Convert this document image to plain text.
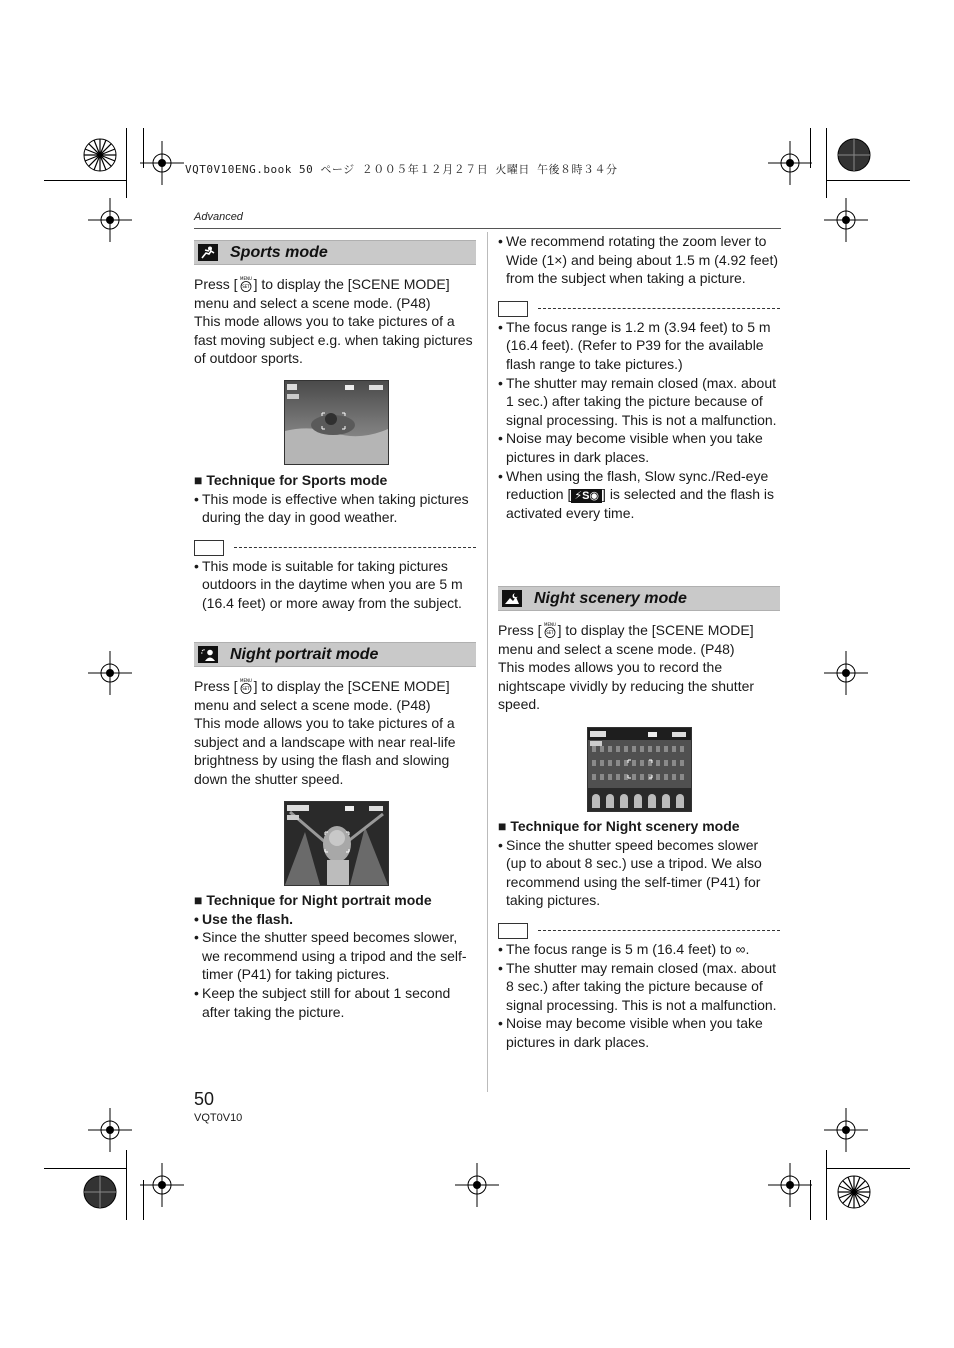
VQT0V10ENG.book 50 ページ ２００５年１２月２７日 火曜日 午後８時３４分
Advanced
Sports mode

Press [ MENU
SET ] to display the [SCENE MODE] menu and select a scene mode. (P48)

This mode allows you to take pictures of a fast moving subject e.g. when taking pictures of outdoor sports.

■ Technique for Sports mode

• This mode is effective when taking pictures during the day in good weather.
• This mode is suitable for taking pictures outdoors in the daytime when you are 5 m (16.4 feet) or more away from the subject.
Night portrait mode

Press [ MENU
SET ] to display the [SCENE MODE] menu and select a scene mode. (P48)

This mode allows you to take pictures of a subject and a landscape with near real-life brightness by using the flash and slowing down the shutter speed.

■ Technique for Night portrait mode

• Use the flash.
• Since the shutter speed becomes slower, we recommend using a tripod and the self-timer (P41) for taking pictures.
• Keep the subject still for about 1 second after taking the picture.
• We recommend rotating the zoom lever to Wide (1×) and being about 1.5 m (4.92 feet) from the subject when taking a picture.
• The focus range is 1.2 m (3.94 feet) to 5 m (16.4 feet). (Refer to P39 for the available flash range to take pictures.)
• The shutter may remain closed (max. about 1 sec.) after taking the picture because of signal processing. This is not a malfunction.
• Noise may become visible when you take pictures in dark places.
• When using the flash, Slow sync./Red-eye reduction [ ⚡S◉ ] is selected and the flash is activated every time.
Night scenery mode

Press [ MENU
SET ] to display the [SCENE MODE] menu and select a scene mode. (P48)

This modes allows you to record the nightscape vividly by reducing the shutter speed.

■ Technique for Night scenery mode

• Since the shutter speed becomes slower (up to about 8 sec.) use a tripod. We also recommend using the self-timer (P41) for taking pictures.
• The focus range is 5 m (16.4 feet) to ∞.
• The shutter may remain closed (max. about 8 sec.) after taking the picture because of signal processing. This is not a malfunction.
• Noise may become visible when you take pictures in dark places.
50
VQT0V10
